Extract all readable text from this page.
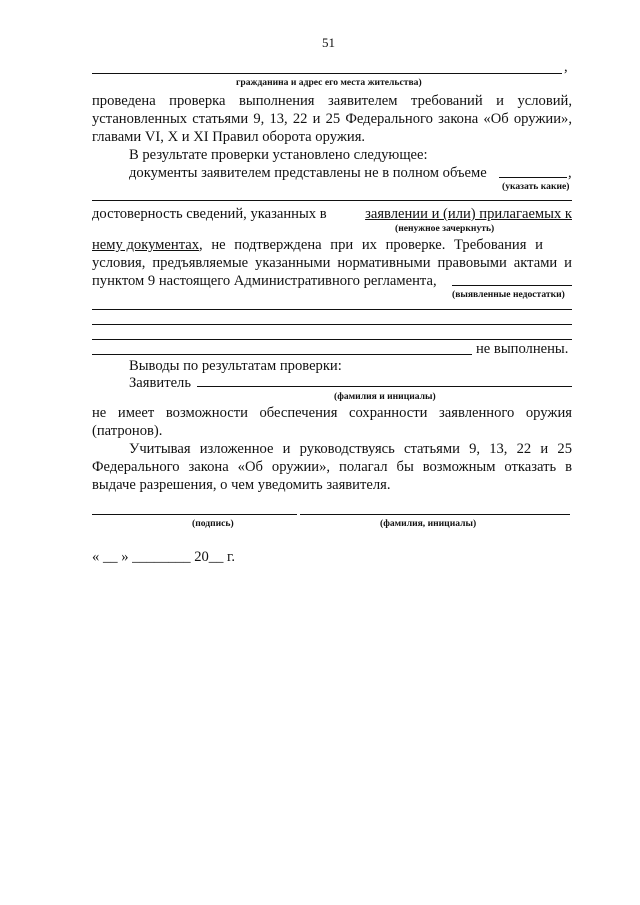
51
,
гражданина и адрес его места жительства)
проведена проверка выполнения заявителем требований и условий,
установленных статьями 9, 13, 22 и 25 Федерального закона «Об оружии»,
главами VI, X и XI Правил оборота оружия.
В результате проверки установлено следующее:
документы заявителем представлены не в полном объеме	,
(указать какие)
достоверность сведений, указанных в	заявлении и (или) прилагаемых к
(ненужное зачеркнуть)
нему документах, не подтверждена при их проверке. Требования и
условия, предъявляемые указанными нормативными правовыми актами и
пунктом 9 настоящего Административного регламента,
(выявленные недостатки)
не выполнены.
Выводы по результатам проверки:
Заявитель
(фамилия и инициалы)
не имеет возможности обеспечения сохранности заявленного оружия
(патронов).
Учитывая изложенное и руководствуясь статьями 9, 13, 22 и 25
Федерального закона «Об оружии», полагал бы возможным отказать в
выдаче разрешения, о чем уведомить заявителя.
(подпись)	(фамилия, инициалы)
« __ » ________ 20__ г.
